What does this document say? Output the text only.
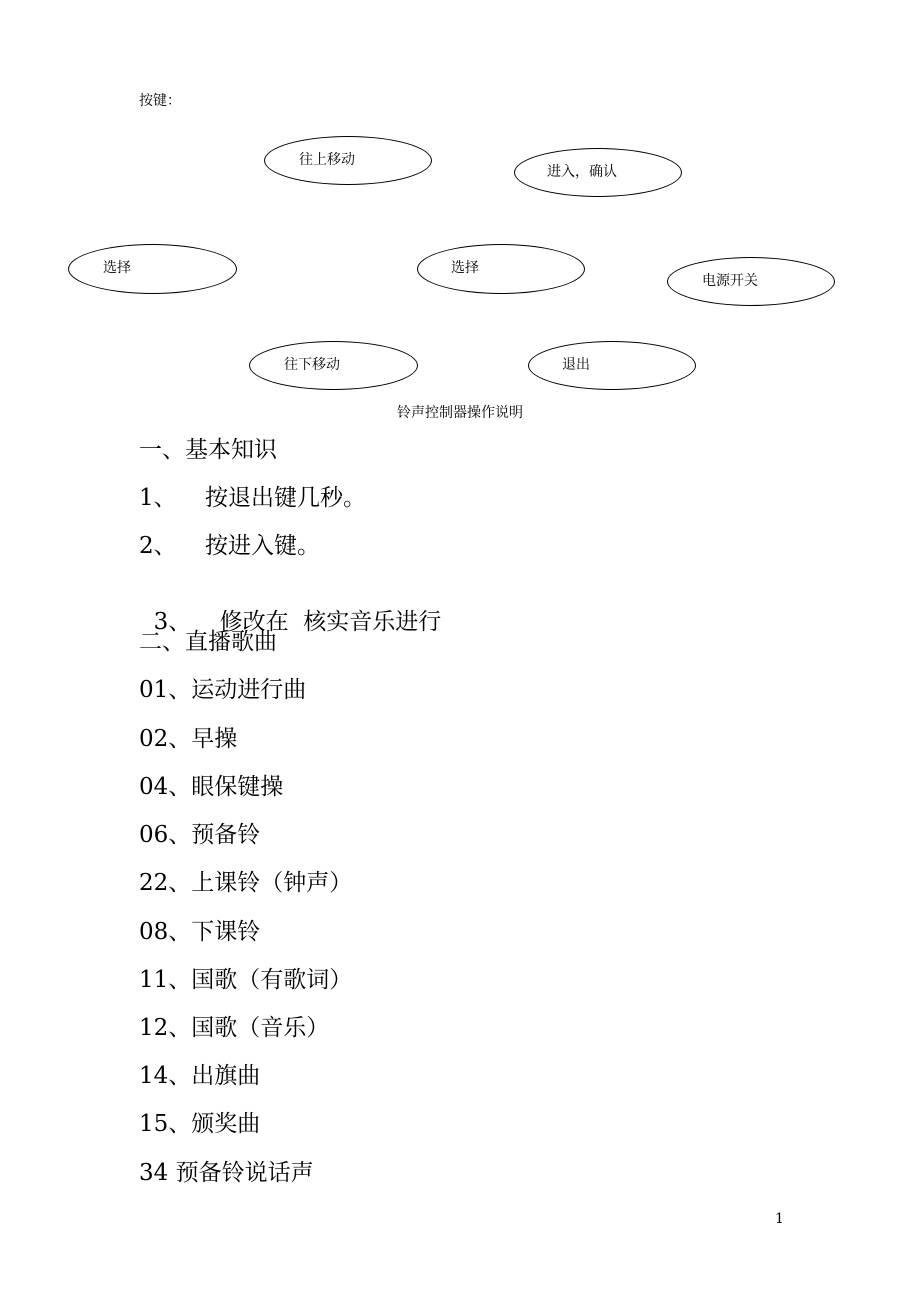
按键：
往上移动
进入，确认
选择	选择
电源开关
往下移动	退出
铃声控制器操作说明
一、基本知识
1、 按退出键几秒。
2、 按进入键。

3、 修改在  核实音乐进行

二、直播歌曲
01、运动进行曲
02、早操
04、眼保键操
06、预备铃
22、上课铃（钟声）
08、下课铃
11、国歌（有歌词）
12、国歌（音乐）
14、出旗曲
15、颁奖曲
34 预备铃说话声
1
